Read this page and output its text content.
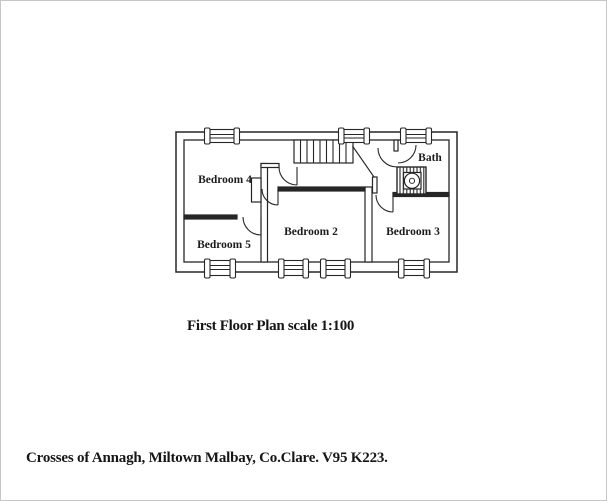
Bedroom 4
Bedroom 5
Bedroom 2	Bedroom 3
Bath
First Floor Plan scale 1:100
Crosses of Annagh, Miltown Malbay, Co.Clare. V95 K223.
